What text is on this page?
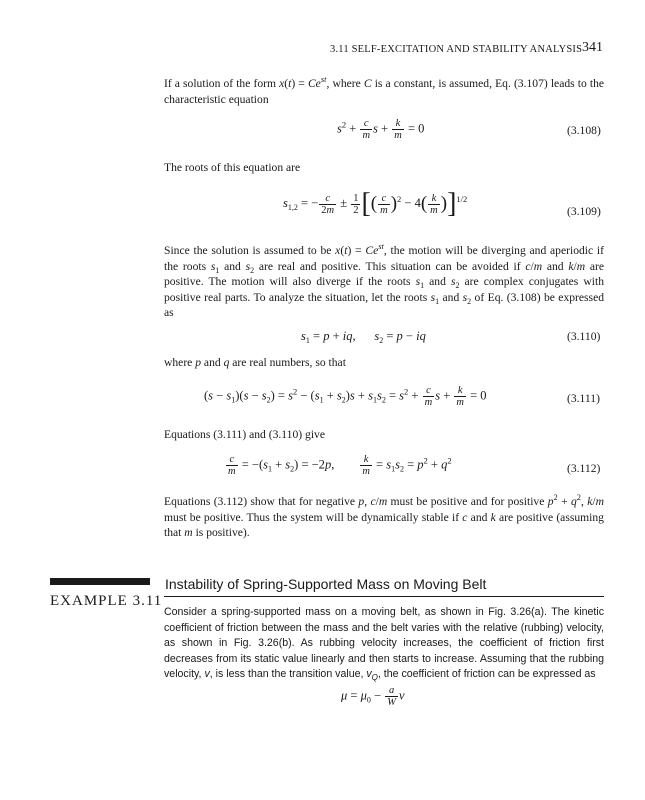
3.11 SELF-EXCITATION AND STABILITY ANALYSIS 341
If a solution of the form $x(t) = Ce^{st}$, where C is a constant, is assumed, Eq. (3.107) leads to the characteristic equation
$s^2 + \frac{c}{m}$ $s + \frac{k}{m} = 0$	(3.108)
The roots of this equation are
$s_{1,2}$ = − $\frac{c}{2m} \pm \frac{1}{2}$ [( $\frac{c}{m} )^2 - 4( \frac{k}{m} )]^{1/2}$
(3.109)
Since the solution is assumed to be $x(t) = Ce^{st}$, the motion will be diverging and aperiodic if the roots $s_1$ and $s_2$ are real and positive. This situation can be avoided if c/m and k/m are positive. The motion will also diverge if the roots $s_1$ and $s_2$ are complex conjugates with positive real parts. To analyze the situation, let the roots $s_1$ and $s_2$ of Eq. (3.108) be expressed as
$s_1 = p$ + iq,      $s_2 = p$ − iq	(3.110)
where p and q are real numbers, so that
$(s - s_1)(s - s_2) = s^2 - (s_1 + s_2)s + s_1s_2 = s^2 + \frac{c}{m}$ $s + \frac{k}{m} = 0$	(3.111)
Equations (3.111) and (3.110) give
$\frac{c}{m} = -(s_1 + s_2) = -2p$, $\frac{k}{m} = s_1s_2 = p^2 + q^2$
(3.112)
Equations (3.112) show that for negative p, c/m must be positive and for positive $p^2 + q^2$, k/m must be positive. Thus the system will be dynamically stable if c and k are positive (assuming that m is positive).
EXAMPLE 3.11
Instability of Spring-Supported Mass on Moving Belt
Consider a spring-supported mass on a moving belt, as shown in Fig. 3.26(a). The kinetic coefficient of friction between the mass and the belt varies with the relative (rubbing) velocity, as shown in Fig. 3.26(b). As rubbing velocity increases, the coefficient of friction first decreases from its static value linearly and then starts to increase. Assuming that the rubbing velocity, v, is less than the transition value, $v_Q$, the coefficient of friction can be expressed as
$\mu = \mu_0 - \frac{a}{W}$ v
